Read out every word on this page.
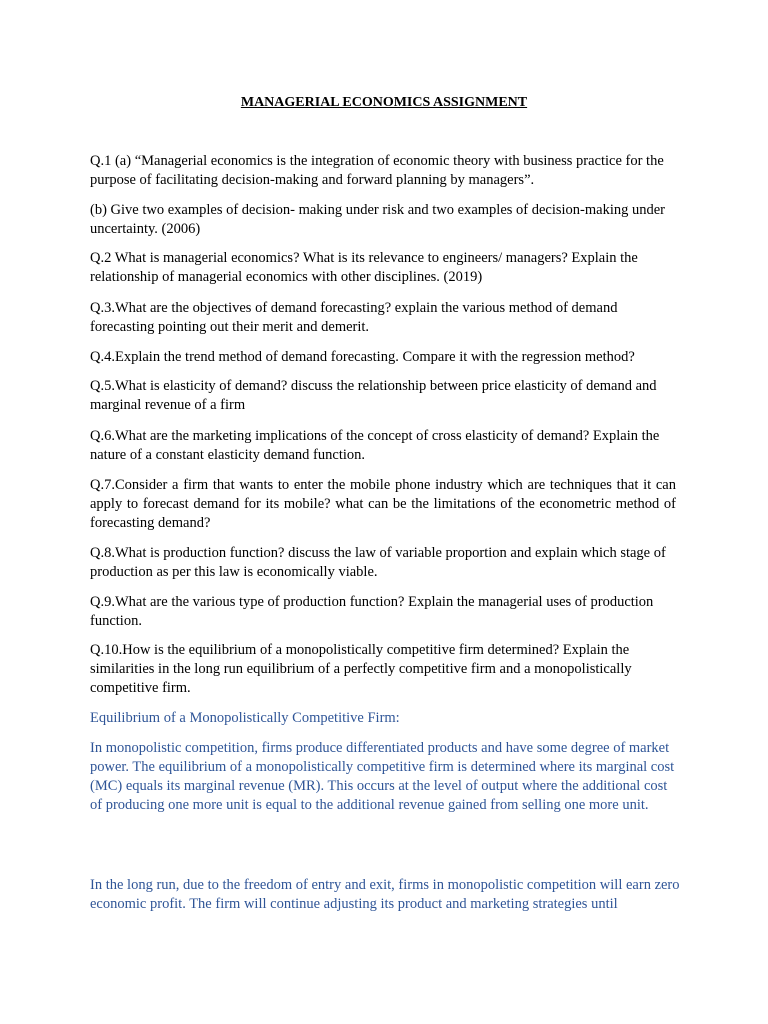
MANAGERIAL ECONOMICS ASSIGNMENT

Q.1 (a) “Managerial economics is the integration of economic theory with business practice for the purpose of facilitating decision-making and forward planning by managers”.

(b) Give two examples of decision- making under risk and two examples of decision-making under uncertainty. (2006)

Q.2 What is managerial economics? What is its relevance to engineers/ managers? Explain the relationship of managerial economics with other disciplines. (2019)

Q.3.What are the objectives of demand forecasting? explain the various method of demand forecasting pointing out their merit and demerit.

Q.4.Explain the trend method of demand forecasting. Compare it with the regression method?

Q.5.What is elasticity of demand? discuss the relationship between price elasticity of demand and marginal revenue of a firm

Q.6.What are the marketing implications of the concept of cross elasticity of demand? Explain the nature of a constant elasticity demand function.

Q.7.Consider a firm that wants to enter the mobile phone industry which are techniques that it can apply to forecast demand for its mobile? what can be the limitations of the econometric method of forecasting demand?

Q.8.What is production function? discuss the law of variable proportion and explain which stage of production as per this law is economically viable.

Q.9.What are the various type of production function? Explain the managerial uses of production function.

Q.10.How is the equilibrium of a monopolistically competitive firm determined? Explain the similarities in the long run equilibrium of a perfectly competitive firm and a monopolistically competitive firm.

Equilibrium of a Monopolistically Competitive Firm:

In monopolistic competition, firms produce differentiated products and have some degree of market power. The equilibrium of a monopolistically competitive firm is determined where its marginal cost (MC) equals its marginal revenue (MR). This occurs at the level of output where the additional cost of producing one more unit is equal to the additional revenue gained from selling one more unit.

In the long run, due to the freedom of entry and exit, firms in monopolistic competition will earn zero economic profit. The firm will continue adjusting its product and marketing strategies until
